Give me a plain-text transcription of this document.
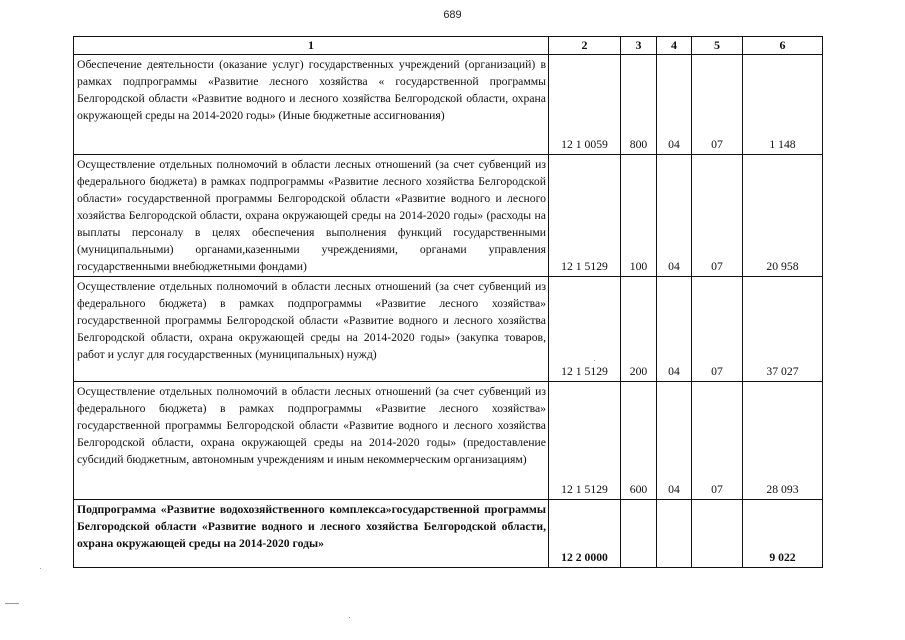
689
1	2	3	4	5	6
Обеспечение деятельности (оказание услуг) государственных учреждений (организаций) в рамках подпрограммы «Развитие лесного хозяйства « государственной программы Белгородской области «Развитие водного и лесного хозяйства Белгородской области, охрана окружающей среды на 2014-2020 годы» (Иные бюджетные ассигнования)	12 1 0059	800	04	07	1 148
Осуществление отдельных полномочий в области лесных отношений (за счет субвенций из федерального бюджета) в рамках подпрограммы «Развитие лесного хозяйства Белгородской области» государственной программы Белгородской области «Развитие водного и лесного хозяйства Белгородской области, охрана окружающей среды на 2014-2020 годы» (расходы на выплаты персоналу в целях обеспечения выполнения функций государственными (муниципальными) органами,казенными учреждениями, органами управления государственными внебюджетными фондами)	12 1 5129	100	04	07	20 958
Осуществление отдельных полномочий в области лесных отношений (за счет субвенций из федерального бюджета) в рамках подпрограммы «Развитие лесного хозяйства» государственной программы Белгородской области «Развитие водного и лесного хозяйства Белгородской области, охрана окружающей среды на 2014-2020 годы» (закупка товаров, работ и услуг для государственных (муниципальных) нужд)	12 1 5129	200	04	07	37 027
Осуществление отдельных полномочий в области лесных отношений (за счет субвенций из федерального бюджета) в рамках подпрограммы «Развитие лесного хозяйства» государственной программы Белгородской области «Развитие водного и лесного хозяйства Белгородской области, охрана окружающей среды на 2014-2020 годы» (предоставление субсидий бюджетным, автономным учреждениям и иным некоммерческим организациям)	12 1 5129	600	04	07	28 093
Подпрограмма «Развитие водохозяйственного комплекса»государственной программы Белгородской области «Развитие водного и лесного хозяйства Белгородской области, охрана окружающей среды на 2014-2020 годы»	12 2 0000				9 022
